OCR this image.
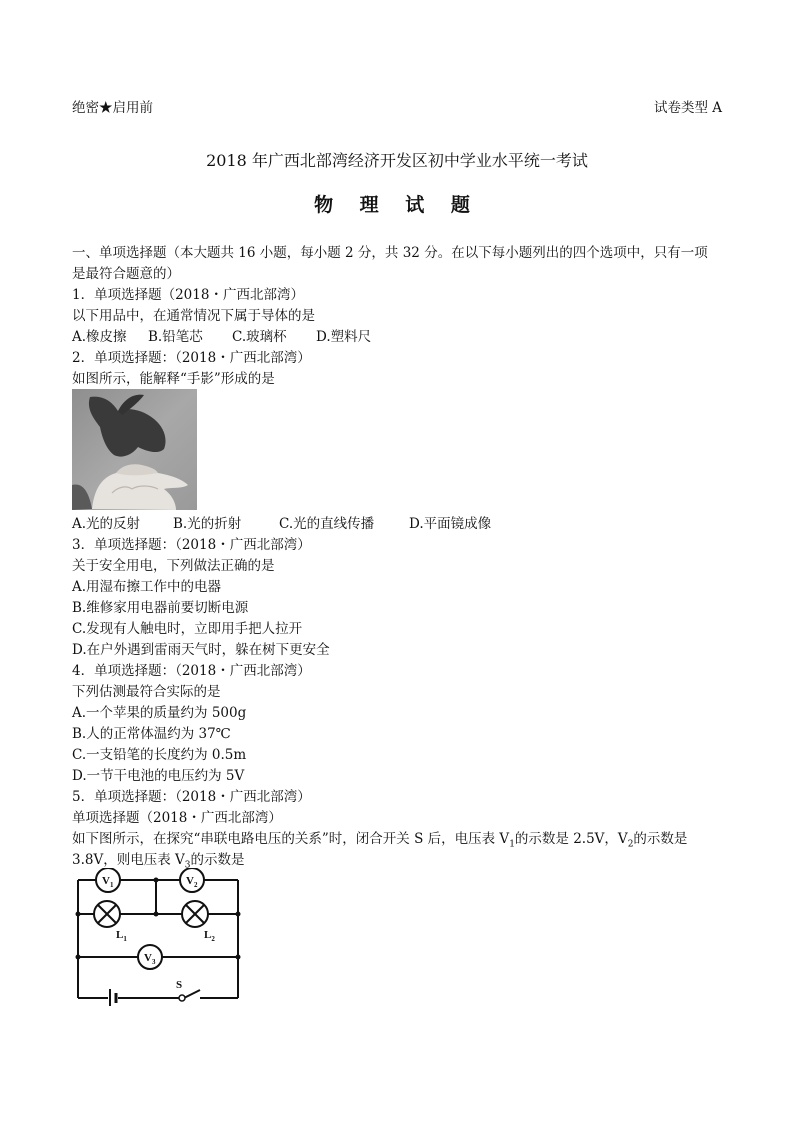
绝密★启用前	试卷类型 A
2018 年广西北部湾经济开发区初中学业水平统一考试
物 理 试 题
一、单项选择题（本大题共 16 小题，每小题 2 分，共 32 分。在以下每小题列出的四个选项中，只有一项
是最符合题意的）
1．单项选择题（2018・广西北部湾）
以下用品中，在通常情况下属于导体的是
A.橡皮擦 B.铅笔芯 C.玻璃杯 D.塑料尺
2．单项选择题：（2018・广西北部湾）
如图所示，能解释“手影”形成的是
A.光的反射 B.光的折射	C.光的直线传播	D.平面镜成像
3．单项选择题：（2018・广西北部湾）
关于安全用电，下列做法正确的是
A.用湿布擦工作中的电器
B.维修家用电器前要切断电源
C.发现有人触电时，立即用手把人拉开
D.在户外遇到雷雨天气时，躲在树下更安全
4．单项选择题：（2018・广西北部湾）
下列估测最符合实际的是
A.一个苹果的质量约为 500g
B.人的正常体温约为 37℃
C.一支铅笔的长度约为 0.5m
D.一节干电池的电压约为 5V
5．单项选择题：（2018・广西北部湾）
单项选择题（2018・广西北部湾）
如下图所示，在探究“串联电路电压的关系”时，闭合开关 S 后，电压表 $V_1$的示数是 2.5V，$V_2$的示数是
3.8V，则电压表 $V_3$的示数是
$V_1$	$V_2$
$V_3$
$L_1$	$L_2$
S
